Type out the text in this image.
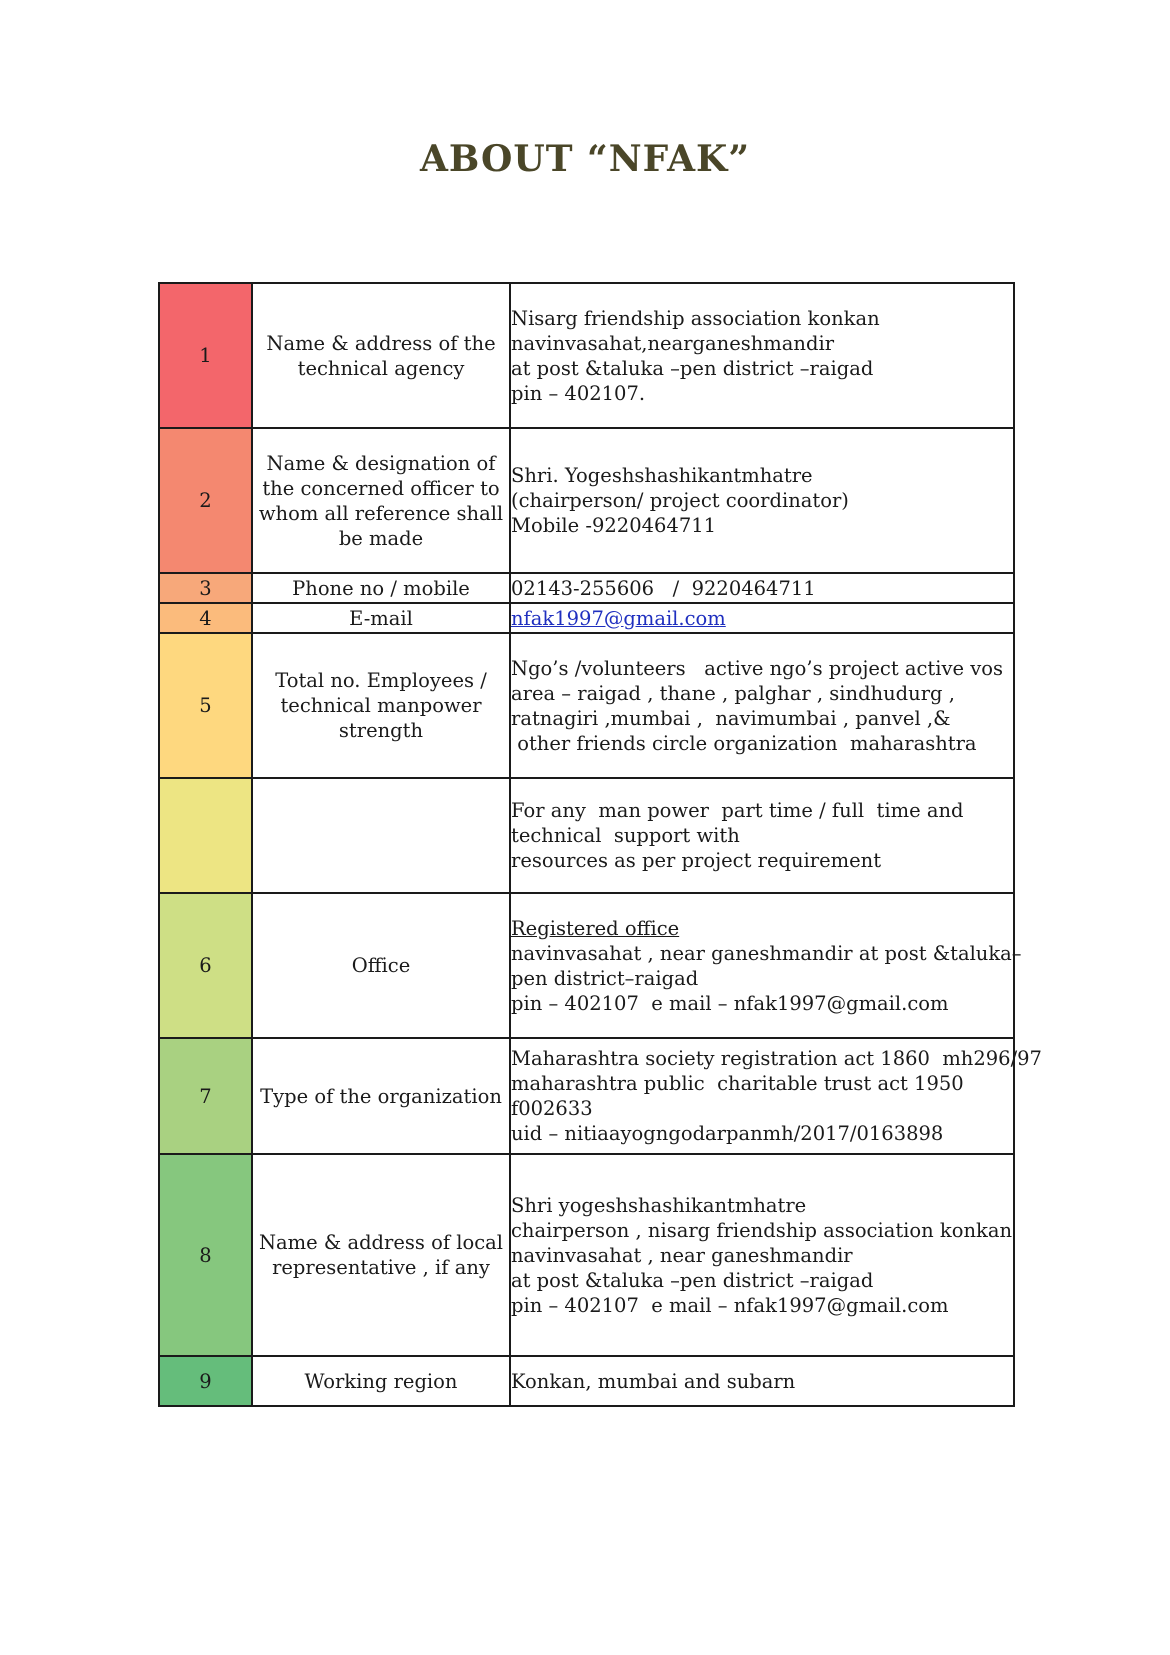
ABOUT “NFAK”
1	Name & address of the technical agency	Nisarg friendship association konkan
navinvasahat,nearganeshmandir
at post &taluka –pen district –raigad
pin – 402107.

2	Name & designation of the concerned officer to whom all reference shall be made	Shri. Yogeshshashikantmhatre
(chairperson/ project coordinator)
Mobile -9220464711

3	Phone no / mobile	02143-255606   /  9220464711

4	E-mail	nfak1997@gmail.com
5	Total no. Employees / technical manpower strength	Ngo’s /volunteers   active ngo’s project active vos
area – raigad , thane , palghar , sindhudurg ,
ratnagiri ,mumbai ,  navimumbai , panvel ,&
other friends circle organization  maharashtra

		For any  man power  part time / full  time and
technical  support with
resources as per project requirement

6	Office	Registered office
navinvasahat , near ganeshmandir at post &taluka–
pen district–raigad
pin – 402107  e mail – nfak1997@gmail.com

7	Type of the organization	Maharashtra society registration act 1860  mh296/97
maharashtra public  charitable trust act 1950
f002633
uid – nitiaayogngodarpanmh/2017/0163898

8	Name & address of local representative , if any	Shri yogeshshashikantmhatre
chairperson , nisarg friendship association konkan
navinvasahat , near ganeshmandir
at post &taluka –pen district –raigad
pin – 402107  e mail – nfak1997@gmail.com

9	Working region	Konkan, mumbai and subarn
